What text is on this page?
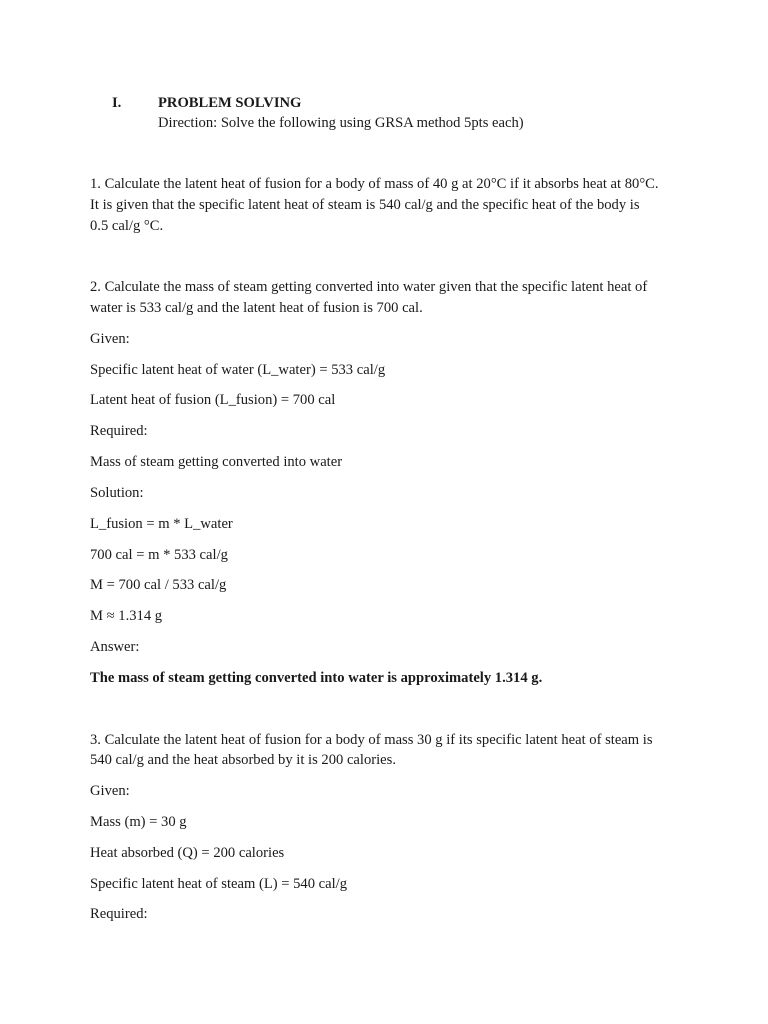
I.	PROBLEM SOLVING
Direction: Solve the following using GRSA method 5pts each)
1. Calculate the latent heat of fusion for a body of mass of 40 g at 20°C if it absorbs heat at 80°C.
It is given that the specific latent heat of steam is 540 cal/g and the specific heat of the body is
0.5 cal/g °C.
2. Calculate the mass of steam getting converted into water given that the specific latent heat of
water is 533 cal/g and the latent heat of fusion is 700 cal.
Given:
Specific latent heat of water (L_water) = 533 cal/g
Latent heat of fusion (L_fusion) = 700 cal
Required:
Mass of steam getting converted into water
Solution:
L_fusion = m * L_water
700 cal = m * 533 cal/g
M = 700 cal / 533 cal/g
M ≈ 1.314 g
Answer:
The mass of steam getting converted into water is approximately 1.314 g.
3. Calculate the latent heat of fusion for a body of mass 30 g if its specific latent heat of steam is
540 cal/g and the heat absorbed by it is 200 calories.
Given:
Mass (m) = 30 g
Heat absorbed (Q) = 200 calories
Specific latent heat of steam (L) = 540 cal/g
Required:
